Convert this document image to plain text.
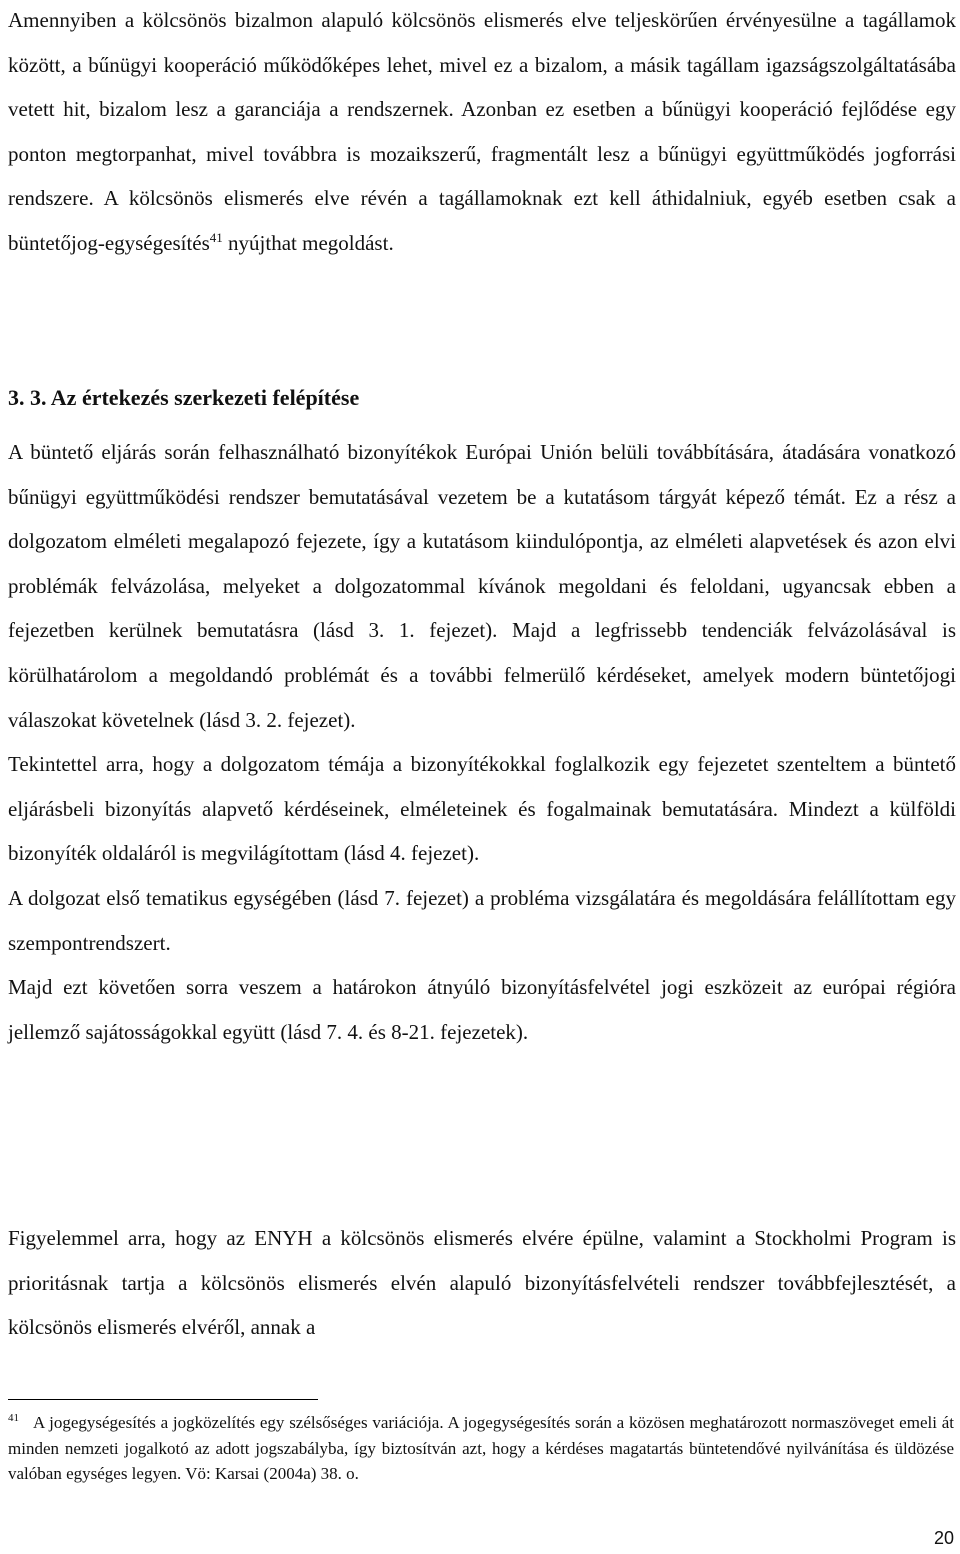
Amennyiben a kölcsönös bizalmon alapuló kölcsönös elismerés elve teljeskörűen érvényesülne a tagállamok között, a bűnügyi kooperáció működőképes lehet, mivel ez a bizalom, a másik tagállam igazságszolgáltatásába vetett hit, bizalom lesz a garanciája a rendszernek. Azonban ez esetben a bűnügyi kooperáció fejlődése egy ponton megtorpanhat, mivel továbbra is mozaikszerű, fragmentált lesz a bűnügyi együttműködés jogforrási rendszere. A kölcsönös elismerés elve révén a tagállamoknak ezt kell áthidalniuk, egyéb esetben csak a büntetőjog-egységesítés$^{41}$ nyújthat megoldást.

A büntető eljárás során felhasználható bizonyítékok Európai Unión belüli továbbítására, átadására vonatkozó bűnügyi együttműködési rendszer bemutatásával vezetem be a kutatásom tárgyát képező témát. Ez a rész a dolgozatom elméleti megalapozó fejezete, így a kutatásom kiindulópontja, az elméleti alapvetések és azon elvi problémák felvázolása, melyeket a dolgozatommal kívánok megoldani és feloldani, ugyancsak ebben a fejezetben kerülnek bemutatásra (lásd 3. 1. fejezet). Majd a legfrissebb tendenciák felvázolásával is körülhatárolom a megoldandó problémát és a további felmerülő kérdéseket, amelyek modern büntetőjogi válaszokat követelnek (lásd 3. 2. fejezet).

Tekintettel arra, hogy a dolgozatom témája a bizonyítékokkal foglalkozik egy fejezetet szenteltem a büntető eljárásbeli bizonyítás alapvető kérdéseinek, elméleteinek és fogalmainak bemutatására. Mindezt a külföldi bizonyíték oldaláról is megvilágítottam (lásd 4. fejezet).

A dolgozat első tematikus egységében (lásd 7. fejezet) a probléma vizsgálatára és megoldására felállítottam egy szempontrendszert.

Majd ezt követően sorra veszem a határokon átnyúló bizonyításfelvétel jogi eszközeit az európai régióra jellemző sajátosságokkal együtt (lásd 7. 4. és 8-21. fejezetek).

Figyelemmel arra, hogy az ENYH a kölcsönös elismerés elvére épülne, valamint a Stockholmi Program is prioritásnak tartja a kölcsönös elismerés elvén alapuló bizonyításfelvételi rendszer továbbfejlesztését, a kölcsönös elismerés elvéről, annak a

3. 3. Az értekezés szerkezeti felépítése

$^{41}$ A jogegységesítés a jogközelítés egy szélsőséges variációja. A jogegységesítés során a közösen meghatározott normaszöveget emeli át minden nemzeti jogalkotó az adott jogszabályba, így biztosítván azt, hogy a kérdéses magatartás büntetendővé nyilvánítása és üldözése valóban egységes legyen. Vö: Karsai (2004a) 38. o.

20
